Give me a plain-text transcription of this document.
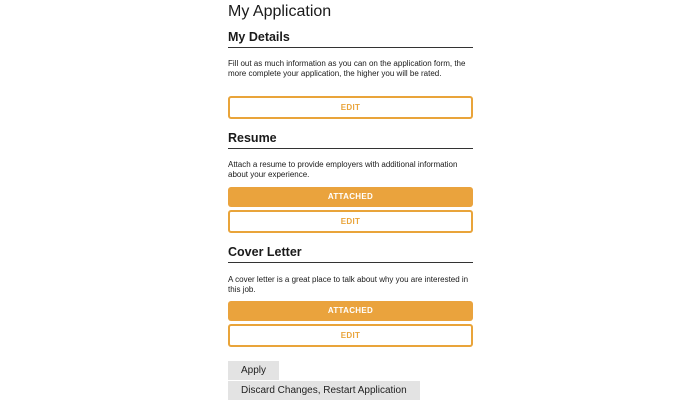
My Application
My Details

Fill out as much information as you can on the application form, the more complete your application, the higher you will be rated.

EDIT
Resume

Attach a resume to provide employers with additional information about your experience.

ATTACHED
EDIT
Cover Letter

A cover letter is a great place to talk about why you are interested in this job.

ATTACHED
EDIT
Apply
Discard Changes, Restart Application
